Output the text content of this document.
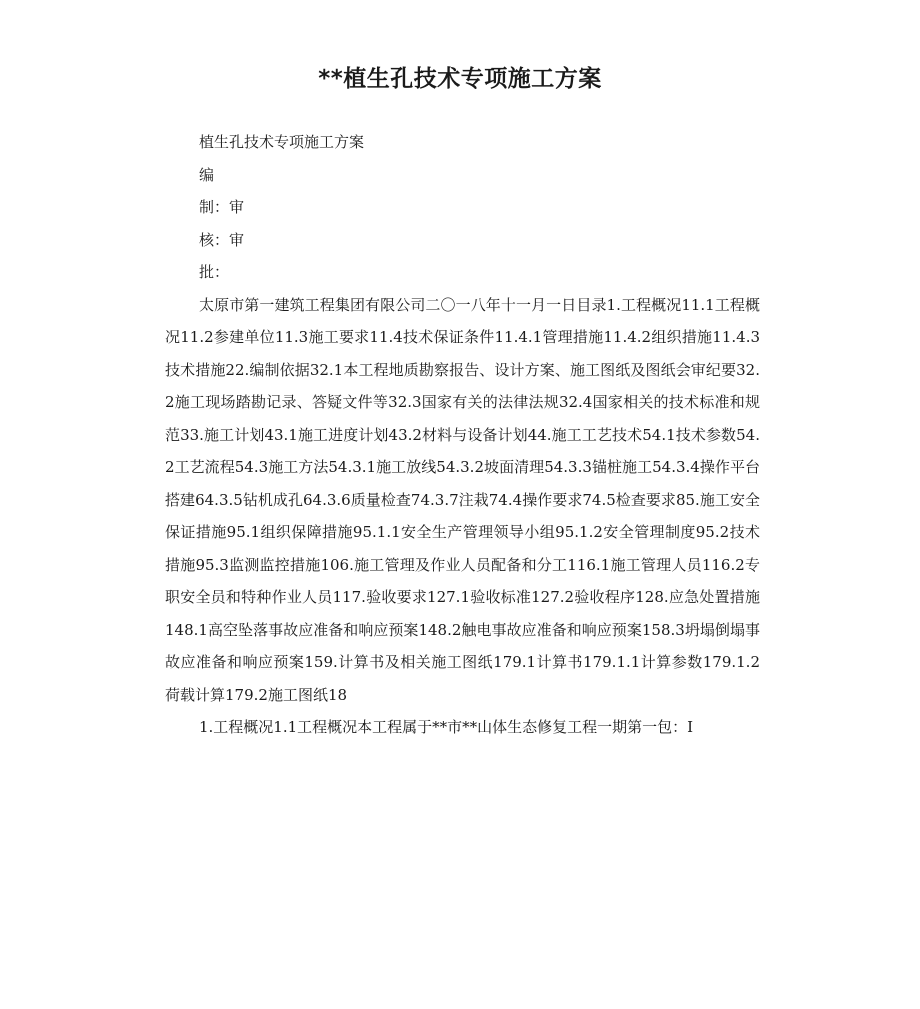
**植生孔技术专项施工方案

植生孔技术专项施工方案

编

制：审

核：审

批：

太原市第一建筑工程集团有限公司二〇一八年十一月一日目录1.工程概况11.1工程概况11.2参建单位11.3施工要求11.4技术保证条件11.4.1管理措施11.4.2组织措施11.4.3技术措施22.编制依据32.1本工程地质勘察报告、设计方案、施工图纸及图纸会审纪要32.2施工现场踏勘记录、答疑文件等32.3国家有关的法律法规32.4国家相关的技术标准和规范33.施工计划43.1施工进度计划43.2材料与设备计划44.施工工艺技术54.1技术参数54.2工艺流程54.3施工方法54.3.1施工放线54.3.2坡面清理54.3.3锚桩施工54.3.4操作平台搭建64.3.5钻机成孔64.3.6质量检查74.3.7注栽74.4操作要求74.5检查要求85.施工安全保证措施95.1组织保障措施95.1.1安全生产管理领导小组95.1.2安全管理制度95.2技术措施95.3监测监控措施106.施工管理及作业人员配备和分工116.1施工管理人员116.2专职安全员和特种作业人员117.验收要求127.1验收标准127.2验收程序128.应急处置措施148.1高空坠落事故应准备和响应预案148.2触电事故应准备和响应预案158.3坍塌倒塌事故应准备和响应预案159.计算书及相关施工图纸179.1计算书179.1.1计算参数179.1.2荷载计算179.2施工图纸18

1.工程概况1.1工程概况本工程属于**市**山体生态修复工程一期第一包：Ⅰ
